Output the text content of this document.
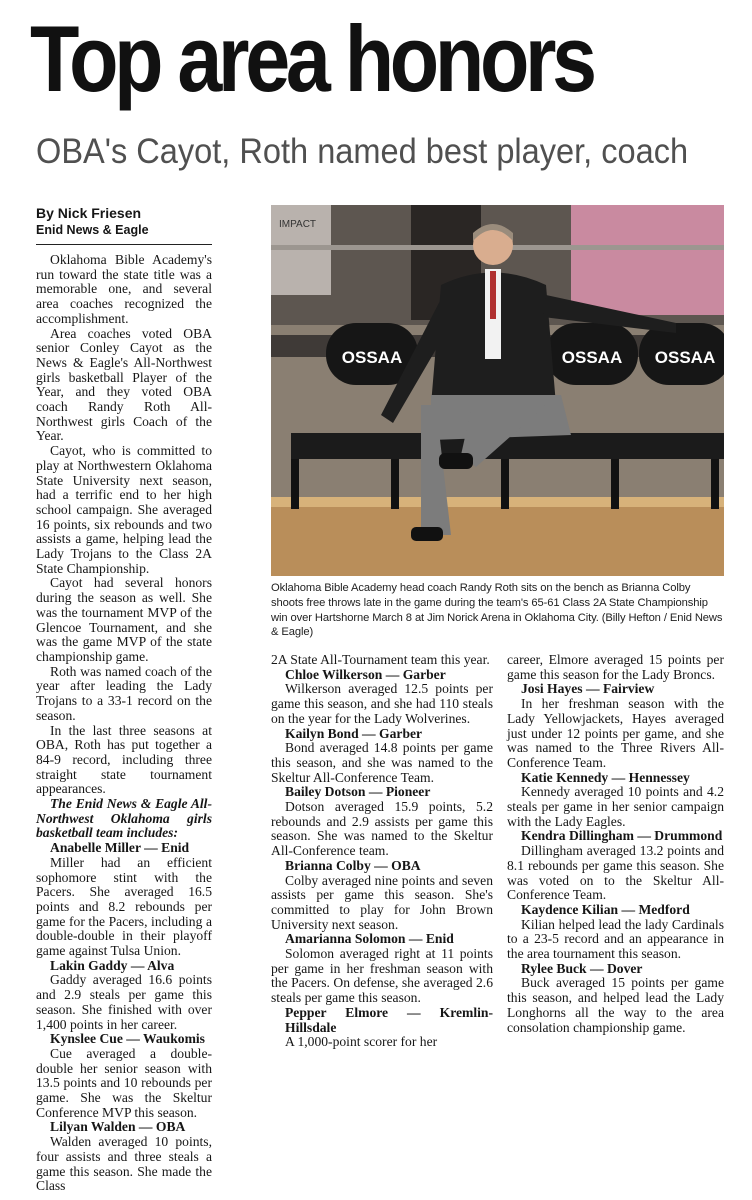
Top area honors
OBA's Cayot, Roth named best player, coach
By Nick Friesen
Enid News & Eagle

Oklahoma Bible Academy's run toward the state title was a memorable one, and several area coaches recognized the accomplishment.

Area coaches voted OBA senior Conley Cayot as the News & Eagle's All-Northwest girls basketball Player of the Year, and they voted OBA coach Randy Roth All-Northwest girls Coach of the Year.

Cayot, who is committed to play at Northwestern Oklahoma State University next season, had a terrific end to her high school campaign. She averaged 16 points, six rebounds and two assists a game, helping lead the Lady Trojans to the Class 2A State Championship.

Cayot had several honors during the season as well. She was the tournament MVP of the Glencoe Tournament, and she was the game MVP of the state championship game.

Roth was named coach of the year after leading the Lady Trojans to a 33-1 record on the season.

In the last three seasons at OBA, Roth has put together a 84-9 record, including three straight state tournament appearances.

The Enid News & Eagle All-Northwest Oklahoma girls basketball team includes:

Anabelle Miller — Enid

Miller had an efficient sophomore stint with the Pacers. She averaged 16.5 points and 8.2 rebounds per game for the Pacers, including a double-double in their playoff game against Tulsa Union.

Lakin Gaddy — Alva

Gaddy averaged 16.6 points and 2.9 steals per game this season. She finished with over 1,400 points in her career.

Kynslee Cue — Waukomis

Cue averaged a double-double her senior season with 13.5 points and 10 rebounds per game. She was the Skeltur Conference MVP this season.

Lilyan Walden — OBA

Walden averaged 10 points, four assists and three steals a game this season. She made the Class

IMPACT
OSSAA	OSSAA OSSAA
Oklahoma Bible Academy head coach Randy Roth sits on the bench as Brianna Colby shoots free throws late in the game during the team's 65-61 Class 2A State Championship win over Hartshorne March 8 at Jim Norick Arena in Oklahoma City. (Billy Hefton / Enid News & Eagle)

2A State All-Tournament team this year.

Chloe Wilkerson — Garber

Wilkerson averaged 12.5 points per game this season, and she had 110 steals on the year for the Lady Wolverines.

Kailyn Bond — Garber

Bond averaged 14.8 points per game this season, and she was named to the Skeltur All-Conference Team.

Bailey Dotson — Pioneer

Dotson averaged 15.9 points, 5.2 rebounds and 2.9 assists per game this season. She was named to the Skeltur All-Conference team.

Brianna Colby — OBA

Colby averaged nine points and seven assists per game this season. She's committed to play for John Brown University next season.

Amarianna Solomon — Enid

Solomon averaged right at 11 points per game in her freshman season with the Pacers. On defense, she averaged 2.6 steals per game this season.

Pepper Elmore — Kremlin-Hillsdale

A 1,000-point scorer for her

career, Elmore averaged 15 points per game this season for the Lady Broncs.

Josi Hayes — Fairview

In her freshman season with the Lady Yellowjackets, Hayes averaged just under 12 points per game, and she was named to the Three Rivers All-Conference Team.

Katie Kennedy — Hennessey

Kennedy averaged 10 points and 4.2 steals per game in her senior campaign with the Lady Eagles.

Kendra Dillingham — Drummond

Dillingham averaged 13.2 points and 8.1 rebounds per game this season. She was voted on to the Skeltur All-Conference Team.

Kaydence Kilian — Medford

Kilian helped lead the lady Cardinals to a 23-5 record and an appearance in the area tournament this season.

Rylee Buck — Dover

Buck averaged 15 points per game this season, and helped lead the Lady Longhorns all the way to the area consolation championship game.
